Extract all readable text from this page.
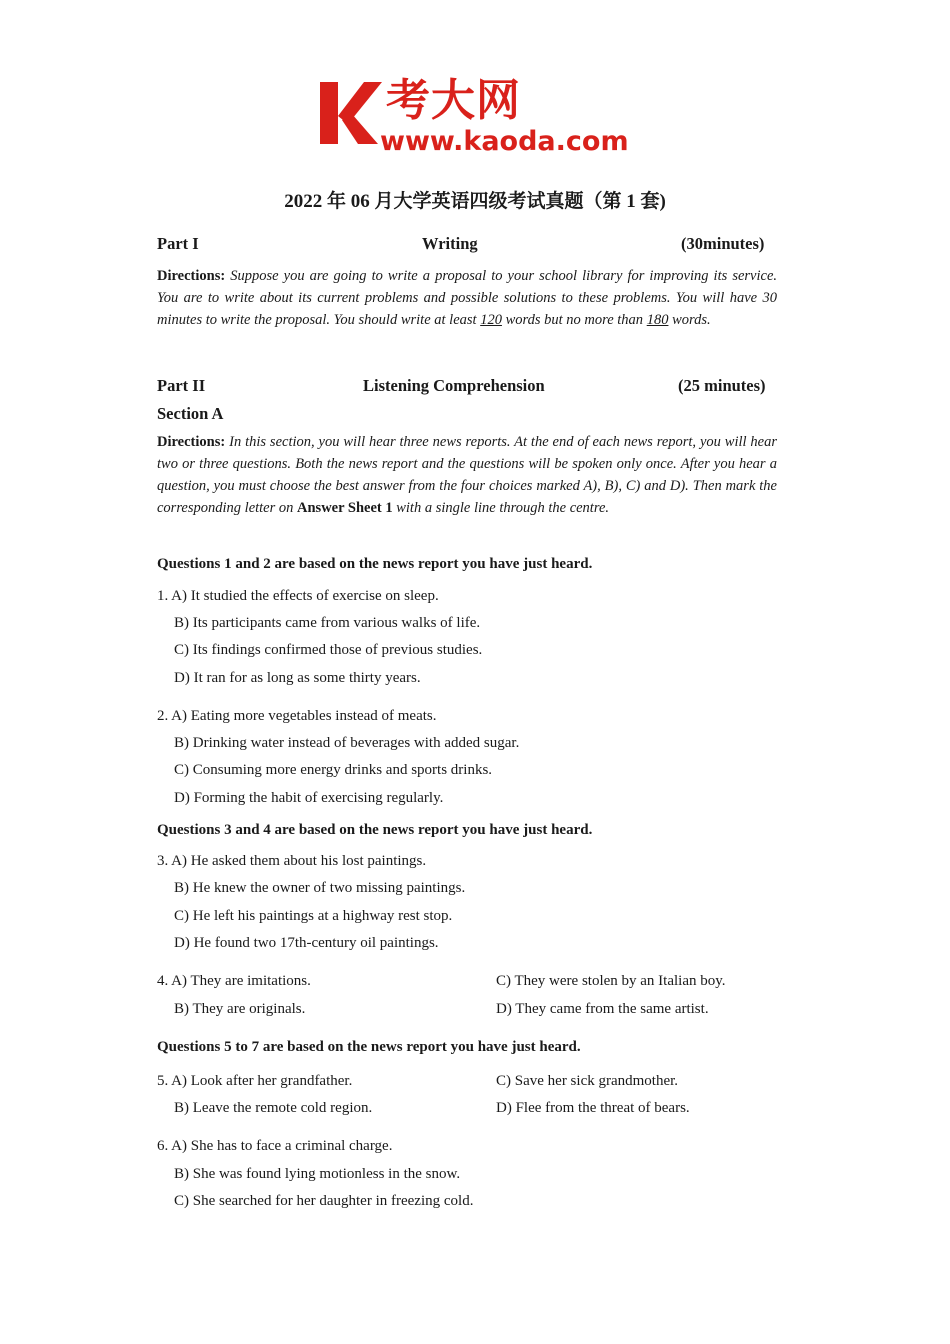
考大网
www.kaoda.com
2022 年 06 月大学英语四级考试真题（第 1 套)
Part I	Writing	(30minutes)
Directions: Suppose you are going to write a proposal to your school library for improving its service. You are to write about its current problems and possible solutions to these problems. You will have 30 minutes to write the proposal. You should write at least 120 words but no more than 180 words.
Part II	Listening Comprehension	(25 minutes)
Section A
Directions: In this section, you will hear three news reports. At the end of each news report, you will hear two or three questions. Both the news report and the questions will be spoken only once. After you hear a question, you must choose the best answer from the four choices marked A), B), C) and D). Then mark the corresponding letter on Answer Sheet 1 with a single line through the centre.
Questions 1 and 2 are based on the news report you have just heard.
1. A) It studied the effects of exercise on sleep.
B) Its participants came from various walks of life.
C) Its findings confirmed those of previous studies.
D) It ran for as long as some thirty years.
2. A) Eating more vegetables instead of meats.
B) Drinking water instead of beverages with added sugar.
C) Consuming more energy drinks and sports drinks.
D) Forming the habit of exercising regularly.
Questions 3 and 4 are based on the news report you have just heard.
3. A) He asked them about his lost paintings.
B) He knew the owner of two missing paintings.
C) He left his paintings at a highway rest stop.
D) He found two 17th-century oil paintings.
4. A) They are imitations.
B) They are originals.
C) They were stolen by an Italian boy.
D) They came from the same artist.
Questions 5 to 7 are based on the news report you have just heard.
5. A) Look after her grandfather.
B) Leave the remote cold region.
C) Save her sick grandmother.
D) Flee from the threat of bears.
6. A) She has to face a criminal charge.
B) She was found lying motionless in the snow.
C) She searched for her daughter in freezing cold.
